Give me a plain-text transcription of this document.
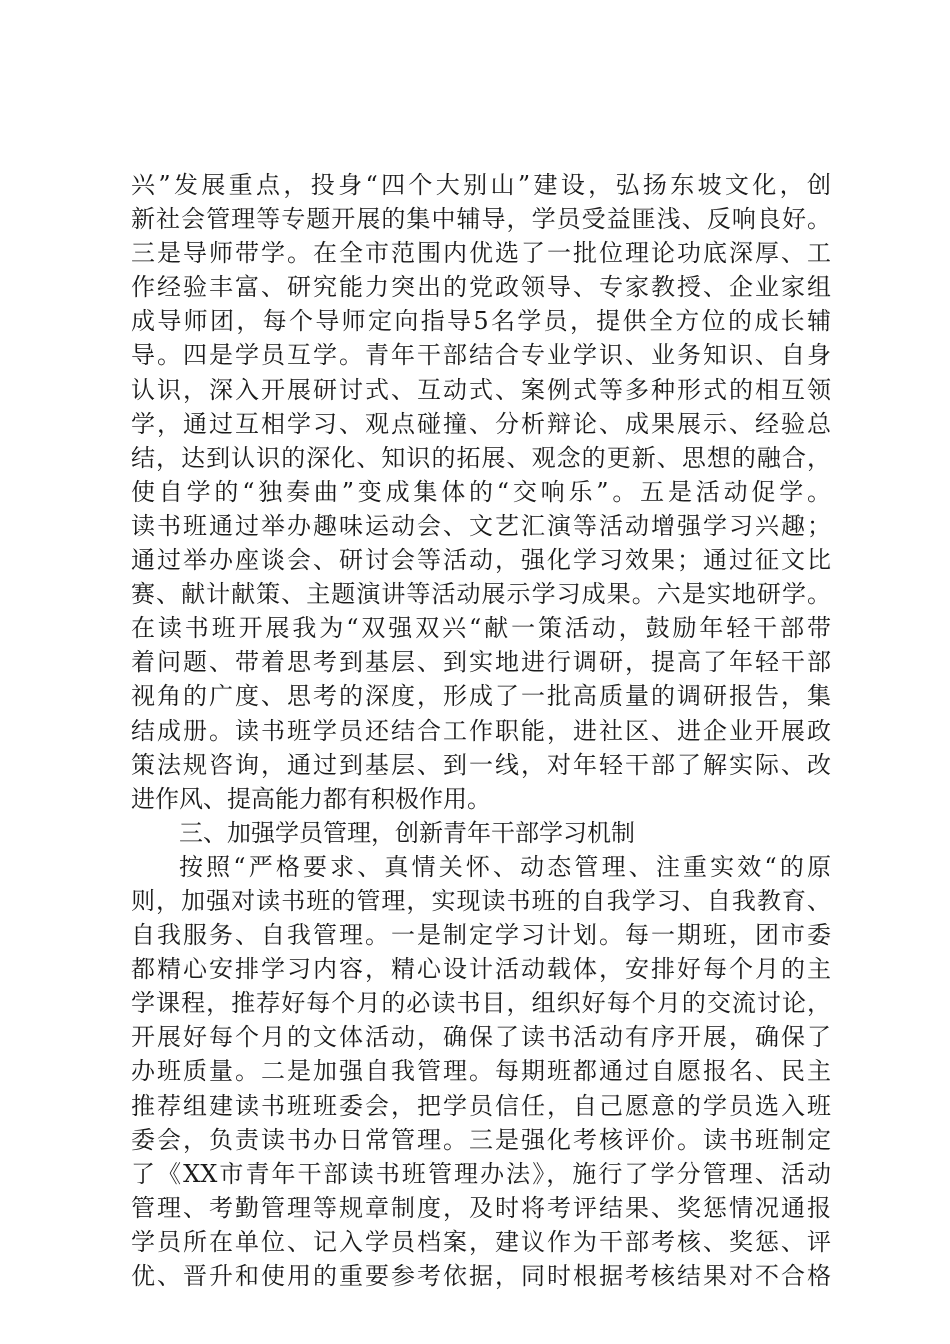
兴”发展重点，投身“四个大别山”建设，弘扬东坡文化，创
新社会管理等专题开展的集中辅导，学员受益匪浅、反响良好。
三是导师带学。在全市范围内优选了一批位理论功底深厚、工
作经验丰富、研究能力突出的党政领导、专家教授、企业家组
成导师团，每个导师定向指导5名学员，提供全方位的成长辅
导。四是学员互学。青年干部结合专业学识、业务知识、自身
认识，深入开展研讨式、互动式、案例式等多种形式的相互领
学，通过互相学习、观点碰撞、分析辩论、成果展示、经验总
结，达到认识的深化、知识的拓展、观念的更新、思想的融合，
使自学的“独奏曲”变成集体的“交响乐”。五是活动促学。
读书班通过举办趣味运动会、文艺汇演等活动增强学习兴趣；
通过举办座谈会、研讨会等活动，强化学习效果；通过征文比
赛、献计献策、主题演讲等活动展示学习成果。六是实地研学。
在读书班开展我为“双强双兴“献一策活动，鼓励年轻干部带
着问题、带着思考到基层、到实地进行调研，提高了年轻干部
视角的广度、思考的深度，形成了一批高质量的调研报告，集
结成册。读书班学员还结合工作职能，进社区、进企业开展政
策法规咨询，通过到基层、到一线，对年轻干部了解实际、改
进作风、提高能力都有积极作用。
三、加强学员管理，创新青年干部学习机制
按照“严格要求、真情关怀、动态管理、注重实效“的原
则，加强对读书班的管理，实现读书班的自我学习、自我教育、
自我服务、自我管理。一是制定学习计划。每一期班，团市委
都精心安排学习内容，精心设计活动载体，安排好每个月的主
学课程，推荐好每个月的必读书目，组织好每个月的交流讨论，
开展好每个月的文体活动，确保了读书活动有序开展，确保了
办班质量。二是加强自我管理。每期班都通过自愿报名、民主
推荐组建读书班班委会，把学员信任，自己愿意的学员选入班
委会，负责读书办日常管理。三是强化考核评价。读书班制定
了《XX市青年干部读书班管理办法》，施行了学分管理、活动
管理、考勤管理等规章制度，及时将考评结果、奖惩情况通报
学员所在单位、记入学员档案，建议作为干部考核、奖惩、评
优、晋升和使用的重要参考依据，同时根据考核结果对不合格
